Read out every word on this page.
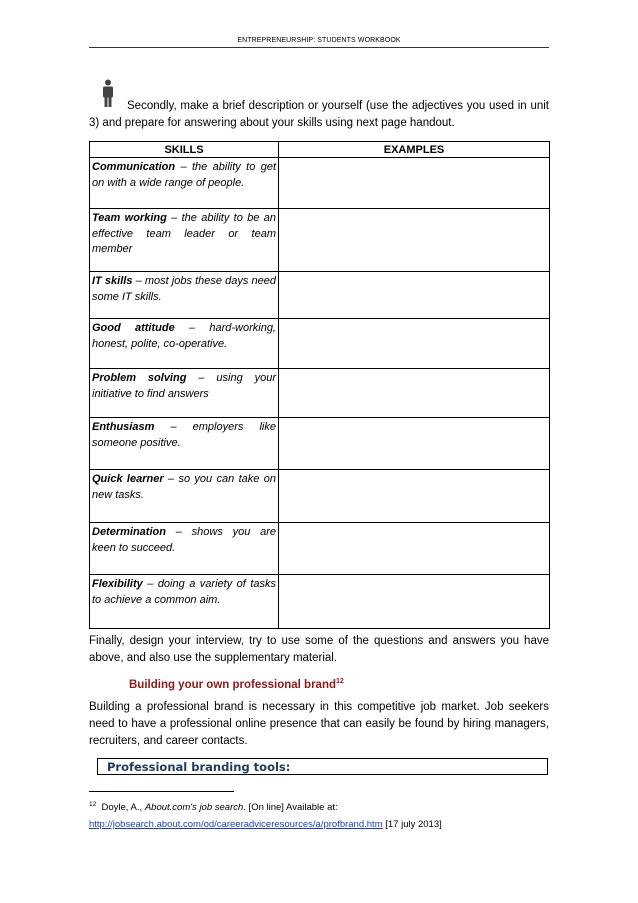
ENTREPRENEURSHIP: STUDENTS WORKBOOK
Secondly, make a brief description or yourself (use the adjectives you used in unit 3) and prepare for answering about your skills using next page handout.
SKILLS	EXAMPLES
Communication – the ability to get on with a wide range of people.	
Team working – the ability to be an effective team leader or team member	
IT skills – most jobs these days need some IT skills.	
Good attitude – hard-working, honest, polite, co-operative.	
Problem solving – using your initiative to find answers	
Enthusiasm – employers like someone positive.	
Quick learner – so you can take on new tasks.	
Determination – shows you are keen to succeed.	
Flexibility – doing a variety of tasks to achieve a common aim.	
Finally, design your interview, try to use some of the questions and answers you have above, and also use the supplementary material.
Building your own professional brand$^{12}$
Building a professional brand is necessary in this competitive job market. Job seekers need to have a professional online presence that can easily be found by hiring managers, recruiters, and career contacts.
Professional branding tools:
$^{12}$ Doyle, A., About.com's job search. [On line] Available at:
http://jobsearch.about.com/od/careeradviceresources/a/profbrand.htm [17 july 2013]
